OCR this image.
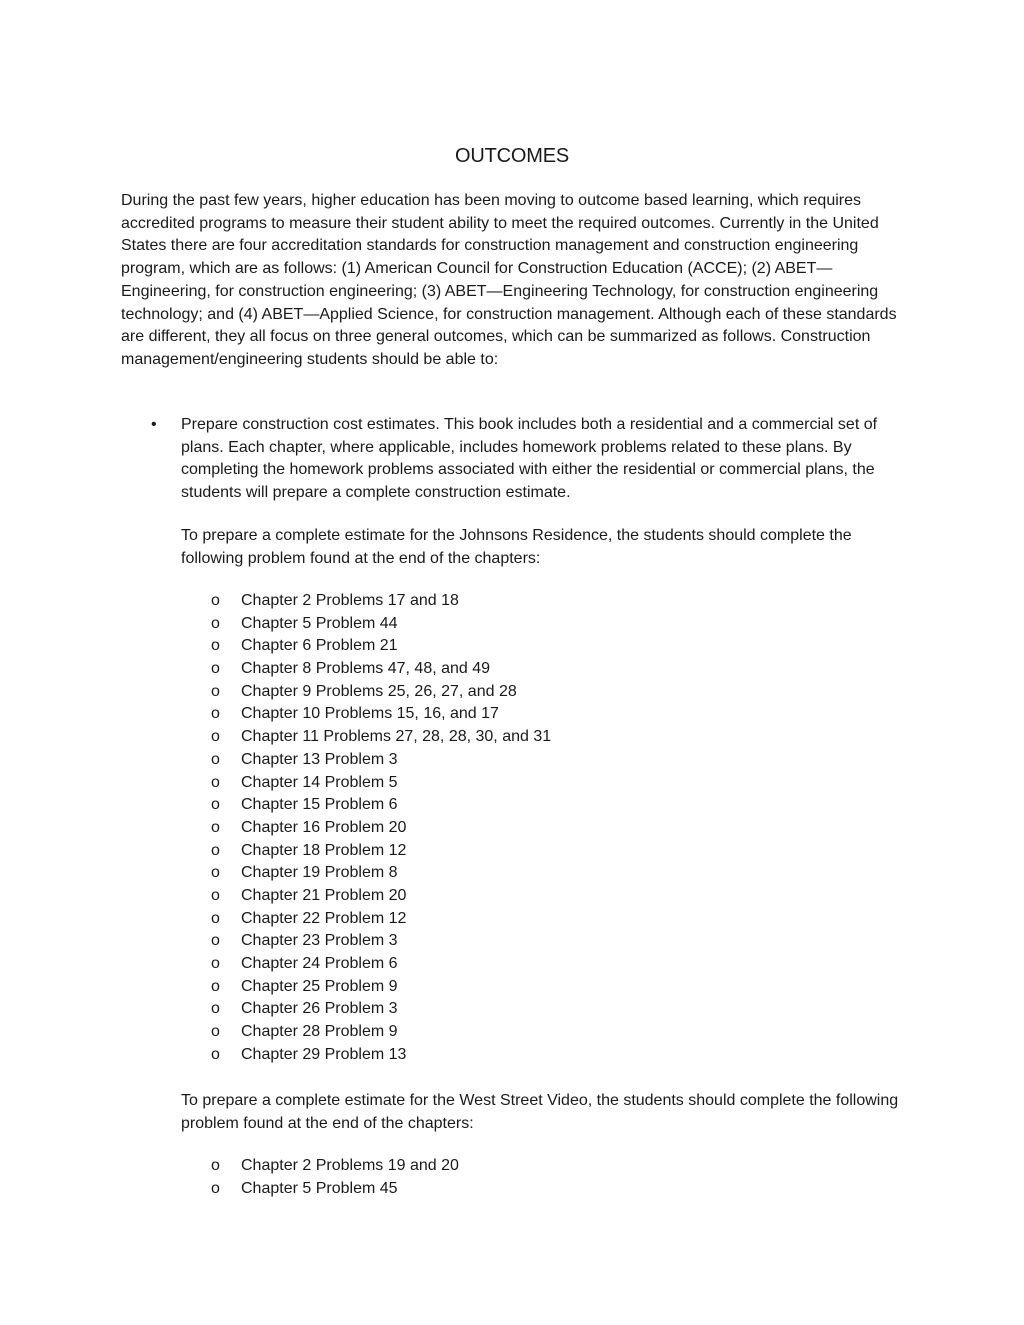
OUTCOMES

During the past few years, higher education has been moving to outcome based learning, which requires accredited programs to measure their student ability to meet the required outcomes. Currently in the United States there are four accreditation standards for construction management and construction engineering program, which are as follows: (1) American Council for Construction Education (ACCE); (2) ABET—Engineering, for construction engineering; (3) ABET—Engineering Technology, for construction engineering technology; and (4) ABET—Applied Science, for construction management. Although each of these standards are different, they all focus on three general outcomes, which can be summarized as follows. Construction management/engineering students should be able to:

• Prepare construction cost estimates. This book includes both a residential and a commercial set of plans. Each chapter, where applicable, includes homework problems related to these plans. By completing the homework problems associated with either the residential or commercial plans, the students will prepare a complete construction estimate.

To prepare a complete estimate for the Johnsons Residence, the students should complete the following problem found at the end of the chapters:

o Chapter 2 Problems 17 and 18
o Chapter 5 Problem 44
o Chapter 6 Problem 21
o Chapter 8 Problems 47, 48, and 49
o Chapter 9 Problems 25, 26, 27, and 28
o Chapter 10 Problems 15, 16, and 17
o Chapter 11 Problems 27, 28, 28, 30, and 31
o Chapter 13 Problem 3
o Chapter 14 Problem 5
o Chapter 15 Problem 6
o Chapter 16 Problem 20
o Chapter 18 Problem 12
o Chapter 19 Problem 8
o Chapter 21 Problem 20
o Chapter 22 Problem 12
o Chapter 23 Problem 3
o Chapter 24 Problem 6
o Chapter 25 Problem 9
o Chapter 26 Problem 3
o Chapter 28 Problem 9
o Chapter 29 Problem 13

To prepare a complete estimate for the West Street Video, the students should complete the following problem found at the end of the chapters:

o Chapter 2 Problems 19 and 20
o Chapter 5 Problem 45
